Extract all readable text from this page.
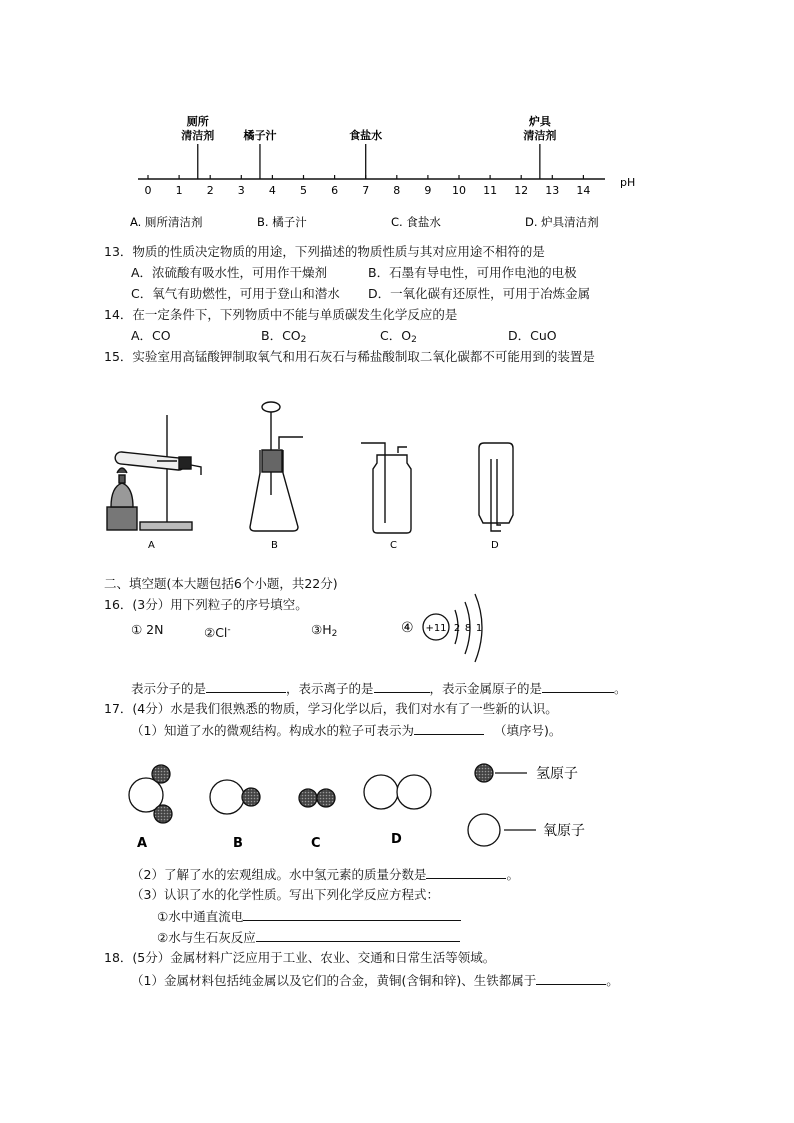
0 1 2 3 4 5 6 7 8 9 10 11 12 13 14
厕所
清洁剂	橘子汁	食盐水
炉具
清洁剂
pH
A. 厕所清洁剂	B. 橘子汁	C. 食盐水	D. 炉具清洁剂
13．物质的性质决定物质的用途，下列描述的物质性质与其对应用途不相符的是
A．浓硫酸有吸水性，可用作干燥剂	B．石墨有导电性，可用作电池的电极
C．氧气有助燃性，可用于登山和潜水 D．一氧化碳有还原性，可用于冶炼金属
14．在一定条件下，下列物质中不能与单质碳发生化学反应的是
A．CO	B．$CO_2$	C．$O_2$	D．CuO
15．实验室用高锰酸钾制取氧气和用石灰石与稀盐酸制取二氧化碳都不可能用到的装置是
A	B	C	D
二、填空题(本大题包括6个小题，共22分)
16．(3分）用下列粒子的序号填空。
① 2N	②Cl-	$③H_2$	④ +11 2 8 1
表示分子的是	，表示离子的是	，表示金属原子的是	。
17．(4分）水是我们很熟悉的物质，学习化学以后，我们对水有了一些新的认识。
（1）知道了水的微观结构。构成水的粒子可表示为	（填序号)。
A	B	C	D
氢原子
氧原子
（2）了解了水的宏观组成。水中氢元素的质量分数是	。
（3）认识了水的化学性质。写出下列化学反应方程式：
①水中通直流电
②水与生石灰反应
18．(5分）金属材料广泛应用于工业、农业、交通和日常生活等领域。
（1）金属材料包括纯金属以及它们的合金，黄铜(含铜和锌)、生铁都属于	。
